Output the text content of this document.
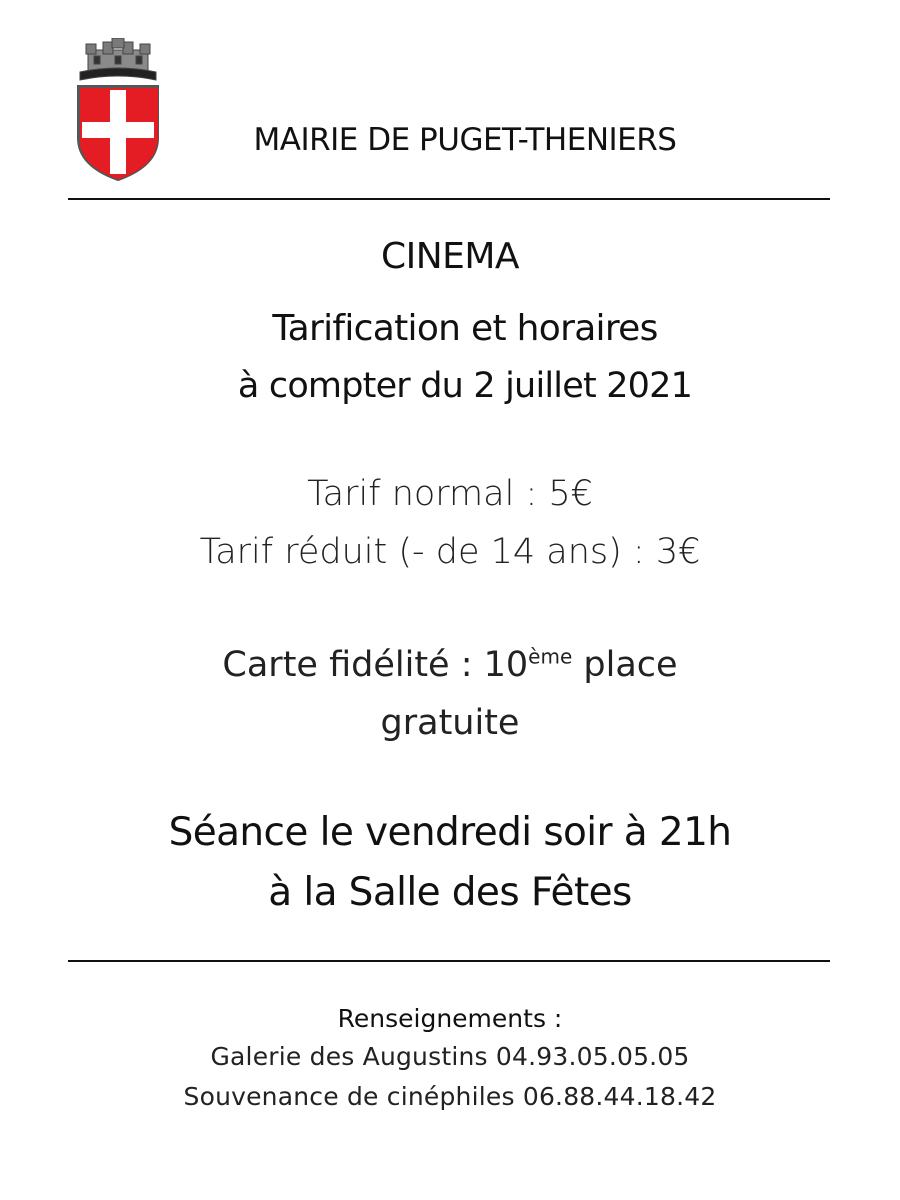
MAIRIE DE PUGET-THENIERS
CINEMA
Tarification et horaires
à compter du 2 juillet 2021
Tarif normal : 5€
Tarif réduit (- de 14 ans) : 3€
Carte fidélité : 10ème place
gratuite
Séance le vendredi soir à 21h
à la Salle des Fêtes
Renseignements :
Galerie des Augustins 04.93.05.05.05
Souvenance de cinéphiles 06.88.44.18.42
